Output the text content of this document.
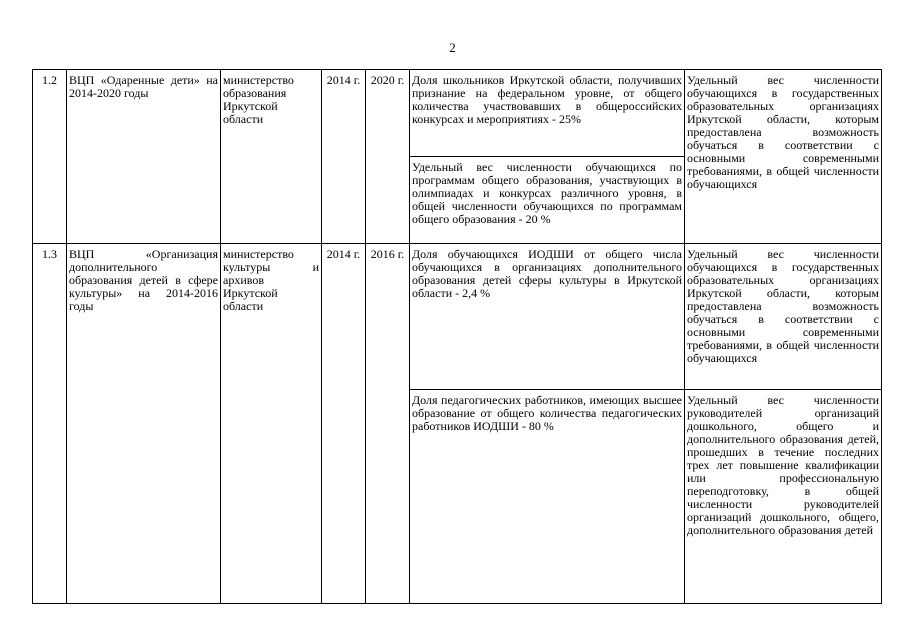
2
1.2	ВЦП «Одаренные дети» на 2014-2020 годы	министерство образования Иркутской области	2014 г.	2020 г.	Доля школьников Иркутской области, получивших признание на федеральном уровне, от общего количества участвовавших в общероссийских конкурсах и мероприятиях - 25%	Удельный вес численности обучающихся в государственных образовательных организациях Иркутской области, которым предоставлена возможность обучаться в соответствии с основными современными требованиями, в общей численности обучающихся
					Удельный вес численности обучающихся по программам общего образования, участвующих в олимпиадах и конкурсах различного уровня, в общей численности обучающихся по программам общего образования - 20 %	
1.3	ВЦП «Организация дополнительного образования детей в сфере культуры» на 2014-2016 годы	министерство культуры и архивов Иркутской области	2014 г.	2016 г.	Доля обучающихся ИОДШИ от общего числа обучающихся в организациях дополнительного образования детей сферы культуры в Иркутской области - 2,4 %	Удельный вес численности обучающихся в государственных образовательных организациях Иркутской области, которым предоставлена возможность обучаться в соответствии с основными современными требованиями, в общей численности обучающихся
					Доля педагогических работников, имеющих высшее образование от общего количества педагогических работников ИОДШИ - 80 %	Удельный вес численности руководителей организаций дошкольного, общего и дополнительного образования детей, прошедших в течение последних трех лет повышение квалификации или профессиональную переподготовку, в общей численности руководителей организаций дошкольного, общего, дополнительного образования детей
